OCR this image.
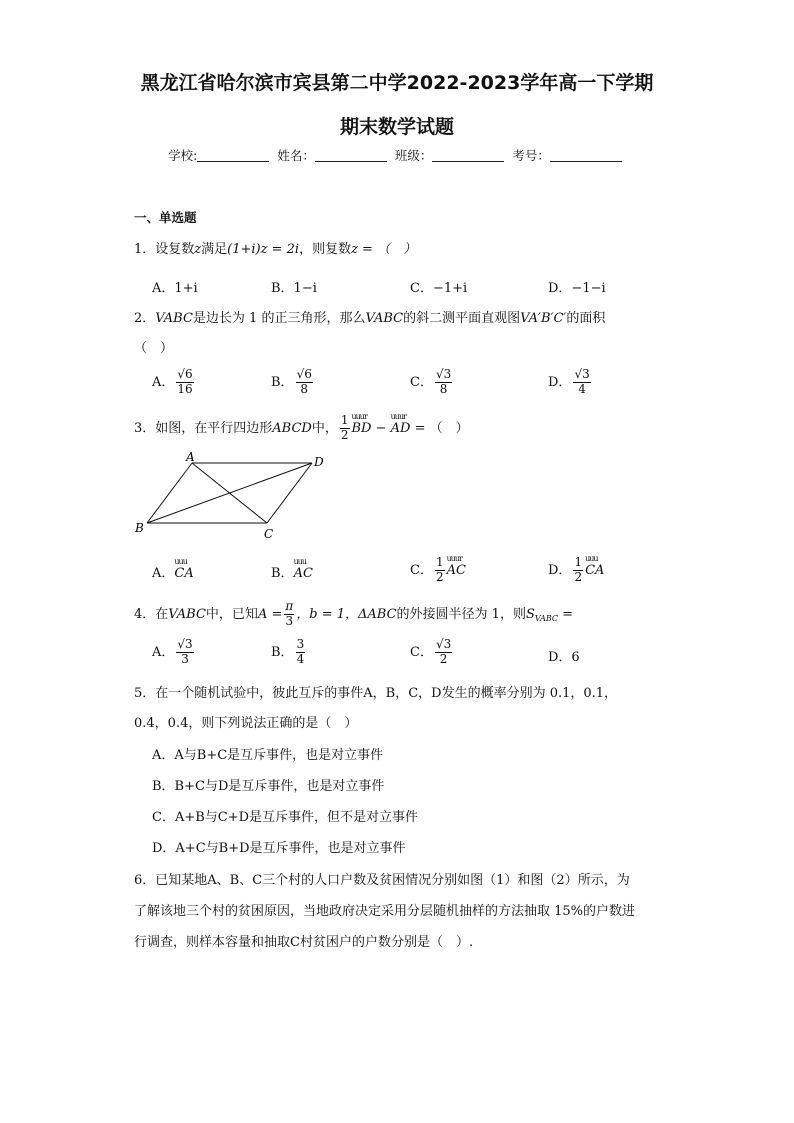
黑龙江省哈尔滨市宾县第二中学2022-2023学年高一下学期
期末数学试题
学校:	姓名：	班级：	考号：
一、单选题
1．设复数z满足(1+i)z = 2i，则复数z = （　）
A．1+i	B．1−i	C．−1+i	D．−1−i
2．VABC是边长为 1 的正三角形，那么VABC的斜二测平面直观图VA′B′C′的面积
（　）
A． $\frac{√6}{16}$	B． $\frac{√6}{8}$	C． $\frac{√3}{8}$	D． $\frac{√3}{4}$
3．如图，在平行四边形ABCD中， $\frac{1}{2}$ uuur BD − uuur AD = （　）
A	D
B	C
A．uuu CA	B．uuu AC	C． $\frac{1}{2}$ uuur AC	D． $\frac{1}{2}$ uuu CA
4．在VABC中，已知$A = \frac{\pi}{3}$ ，b = 1，ΔABC的外接圆半径为 1，则$S_{VABC}$ =
A． $\frac{√3}{3}$	B． $\frac{3}{4}$	C． $\frac{√3}{2}$	D．6
5．在一个随机试验中，彼此互斥的事件A，B，C，D发生的概率分别为 0.1，0.1，
0.4，0.4，则下列说法正确的是（　）
A．A与B+C是互斥事件，也是对立事件
B．B+C与D是互斥事件，也是对立事件
C．A+B与C+D是互斥事件，但不是对立事件
D．A+C与B+D是互斥事件，也是对立事件
6．已知某地A、B、C三个村的人口户数及贫困情况分别如图（1）和图（2）所示，为
了解该地三个村的贫困原因，当地政府决定采用分层随机抽样的方法抽取 15%的户数进
行调查，则样本容量和抽取C村贫困户的户数分别是（　）.
